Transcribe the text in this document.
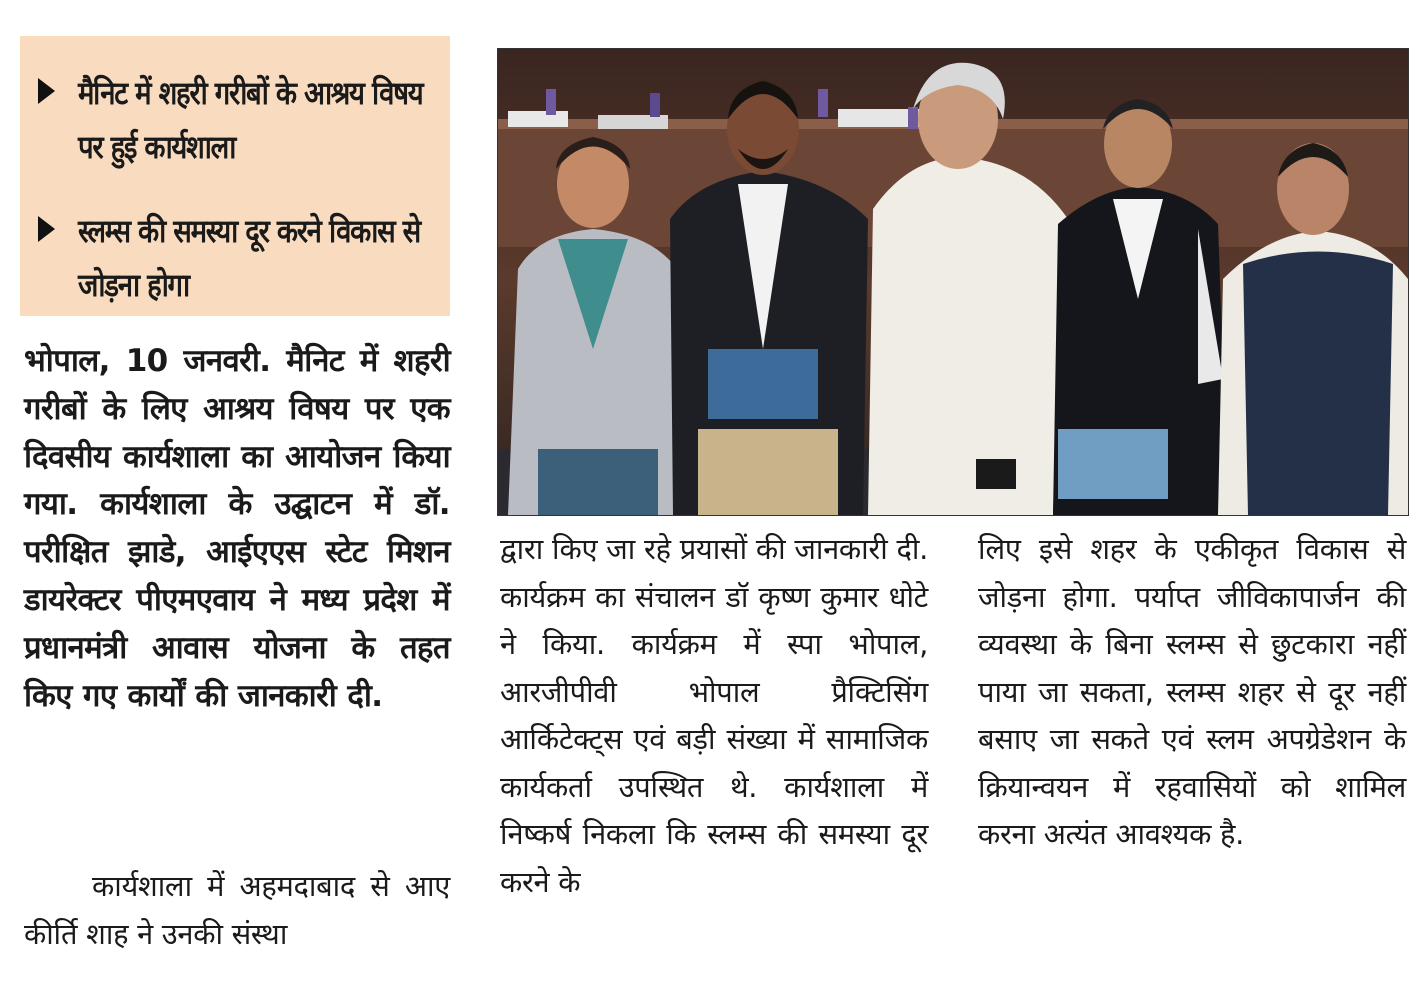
मैनिट में शहरी गरीबों के आश्रय विषय पर हुई कार्यशाला
स्लम्स की समस्या दूर करने विकास से जोड़ना होगा
भोपाल, 10 जनवरी. मैनिट में शहरी गरीबों के लिए आश्रय विषय पर एक दिवसीय कार्यशाला का आयोजन किया गया. कार्यशाला के उद्घाटन में डॉ. परीक्षित झाडे, आईएएस स्टेट मिशन डायरेक्टर पीएमएवाय ने मध्य प्रदेश में प्रधानमंत्री आवास योजना के तहत किए गए कार्यों की जानकारी दी.

कार्यशाला में अहमदाबाद से आए कीर्ति शाह ने उनकी संस्था

द्वारा किए जा रहे प्रयासों की जानकारी दी. कार्यक्रम का संचालन डॉ कृष्ण कुमार धोटे ने किया. कार्यक्रम में स्पा भोपाल, आरजीपीवी भोपाल प्रैक्टिसिंग आर्किटेक्ट्स एवं बड़ी संख्या में सामाजिक कार्यकर्ता उपस्थित थे. कार्यशाला में निष्कर्ष निकला कि स्लम्स की समस्या दूर करने के
लिए इसे शहर के एकीकृत विकास से जोड़ना होगा. पर्याप्त जीविकापार्जन की व्यवस्था के बिना स्लम्स से छुटकारा नहीं पाया जा सकता, स्लम्स शहर से दूर नहीं बसाए जा सकते एवं स्लम अपग्रेडेशन के क्रियान्वयन में रहवासियों को शामिल करना अत्यंत आवश्यक है.
